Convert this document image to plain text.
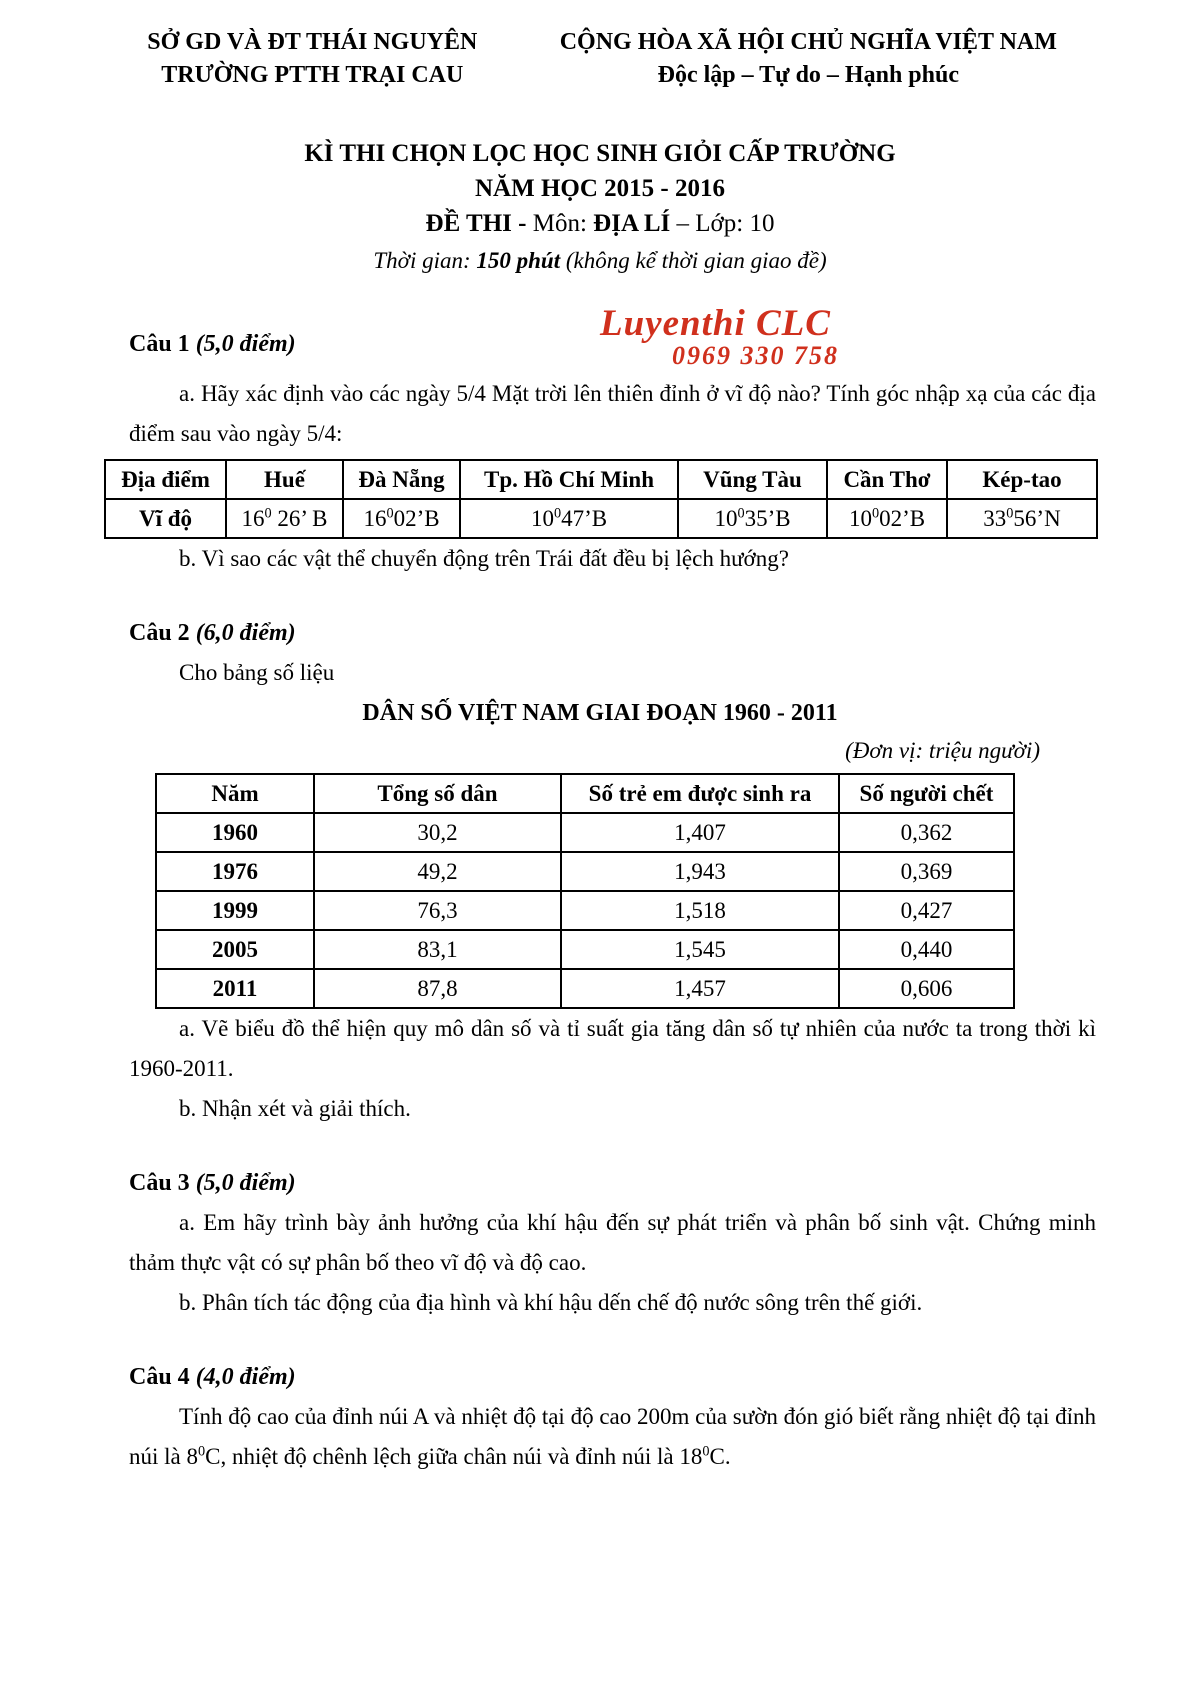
SỞ GD VÀ ĐT THÁI NGUYÊN
TRƯỜNG PTTH TRẠI CAU
CỘNG HÒA XÃ HỘI CHỦ NGHĨA VIỆT NAM
Độc lập – Tự do – Hạnh phúc
KÌ THI CHỌN LỌC HỌC SINH GIỎI CẤP TRƯỜNG
NĂM HỌC 2015 - 2016
ĐỀ THI - Môn: ĐỊA LÍ – Lớp: 10
Thời gian: 150 phút (không kể thời gian giao đề)
Luyenthi CLC
0969 330 758
Câu 1 (5,0 điểm)
a. Hãy xác định vào các ngày 5/4 Mặt trời lên thiên đỉnh ở vĩ độ nào? Tính góc nhập xạ của các địa điểm sau vào ngày 5/4:
Địa điểm	Huế	Đà Nẵng	Tp. Hồ Chí Minh	Vũng Tàu	Cần Thơ	Kép-tao
Vĩ độ	$16^0$ 26’ B	$16^002’B$	$10^047’B$	$10^035’B$	$10^002’B$	$33^056’N$
b. Vì sao các vật thể chuyển động trên Trái đất đều bị lệch hướng?
Câu 2 (6,0 điểm)
Cho bảng số liệu
DÂN SỐ VIỆT NAM GIAI ĐOẠN 1960 - 2011
(Đơn vị: triệu người)
Năm	Tổng số dân	Số trẻ em được sinh ra	Số người chết
1960	30,2	1,407	0,362
1976	49,2	1,943	0,369
1999	76,3	1,518	0,427
2005	83,1	1,545	0,440
2011	87,8	1,457	0,606
a. Vẽ biểu đồ thể hiện quy mô dân số và tỉ suất gia tăng dân số tự nhiên của nước ta trong thời kì 1960-2011.
b. Nhận xét và giải thích.
Câu 3 (5,0 điểm)
a. Em hãy trình bày ảnh hưởng của khí hậu đến sự phát triển và phân bố sinh vật. Chứng minh thảm thực vật có sự phân bố theo vĩ độ và độ cao.
b. Phân tích tác động của địa hình và khí hậu dến chế độ nước sông trên thế giới.
Câu 4 (4,0 điểm)
Tính độ cao của đỉnh núi A và nhiệt độ tại độ cao 200m của sườn đón gió biết rằng nhiệt độ tại đỉnh núi là $8^0C$, nhiệt độ chênh lệch giữa chân núi và đỉnh núi là $18^0C$.
